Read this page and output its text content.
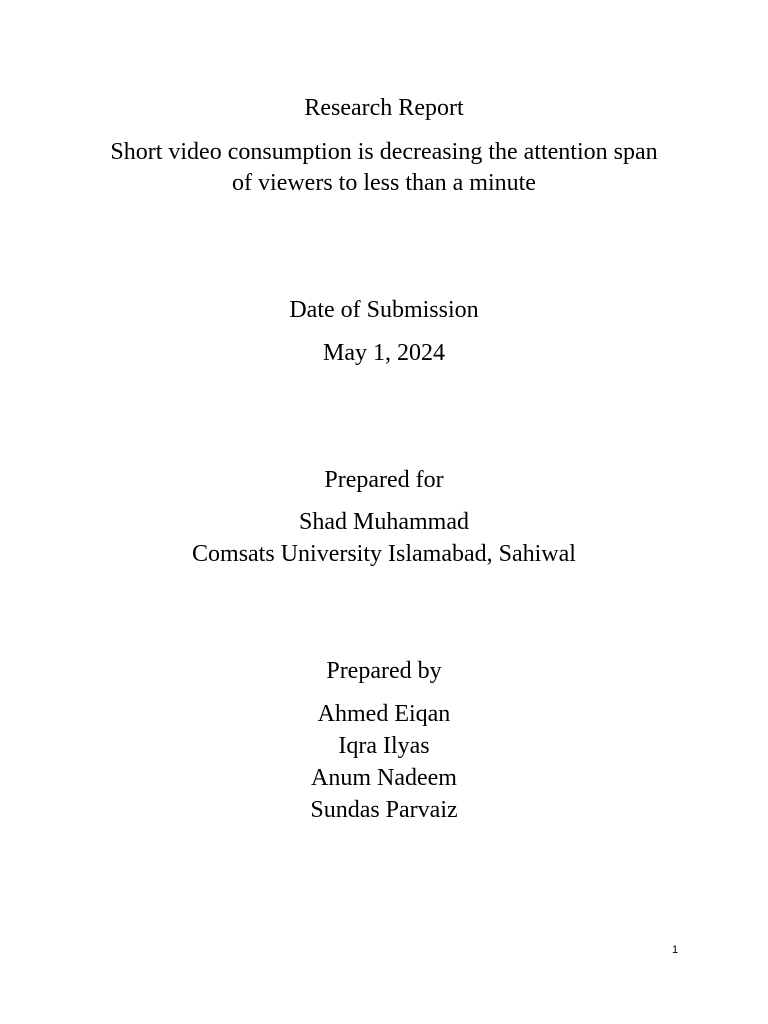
Research Report
Short video consumption is decreasing the attention span
of viewers to less than a minute
Date of Submission
May 1, 2024
Prepared for
Shad Muhammad
Comsats University Islamabad, Sahiwal
Prepared by
Ahmed Eiqan
Iqra Ilyas
Anum Nadeem
Sundas Parvaiz
1
